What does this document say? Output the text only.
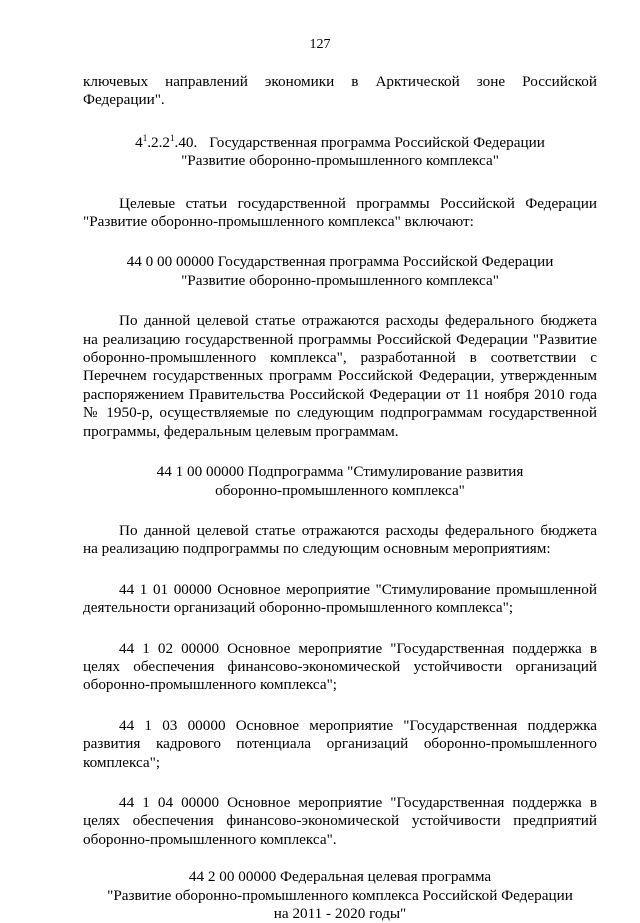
127

ключевых направлений экономики в Арктической зоне Российской Федерации".

$4^1.2.2^1.40$. Государственная программа Российской Федерации
"Развитие оборонно-промышленного комплекса"

Целевые статьи государственной программы Российской Федерации "Развитие оборонно-промышленного комплекса" включают:

44 0 00 00000 Государственная программа Российской Федерации
"Развитие оборонно-промышленного комплекса"

По данной целевой статье отражаются расходы федерального бюджета на реализацию государственной программы Российской Федерации "Развитие оборонно-промышленного комплекса", разработанной в соответствии с Перечнем государственных программ Российской Федерации, утвержденным распоряжением Правительства Российской Федерации от 11 ноября 2010 года № 1950-р, осуществляемые по следующим подпрограммам государственной программы, федеральным целевым программам.

44 1 00 00000 Подпрограмма "Стимулирование развития
оборонно-промышленного комплекса"

По данной целевой статье отражаются расходы федерального бюджета на реализацию подпрограммы по следующим основным мероприятиям:

44 1 01 00000 Основное мероприятие "Стимулирование промышленной деятельности организаций оборонно-промышленного комплекса";

44 1 02 00000 Основное мероприятие "Государственная поддержка в целях обеспечения финансово-экономической устойчивости организаций оборонно-промышленного комплекса";

44 1 03 00000 Основное мероприятие "Государственная поддержка развития кадрового потенциала организаций оборонно-промышленного комплекса";

44 1 04 00000 Основное мероприятие "Государственная поддержка в целях обеспечения финансово-экономической устойчивости предприятий оборонно-промышленного комплекса".

44 2 00 00000 Федеральная целевая программа
"Развитие оборонно-промышленного комплекса Российской Федерации
на 2011 - 2020 годы"
